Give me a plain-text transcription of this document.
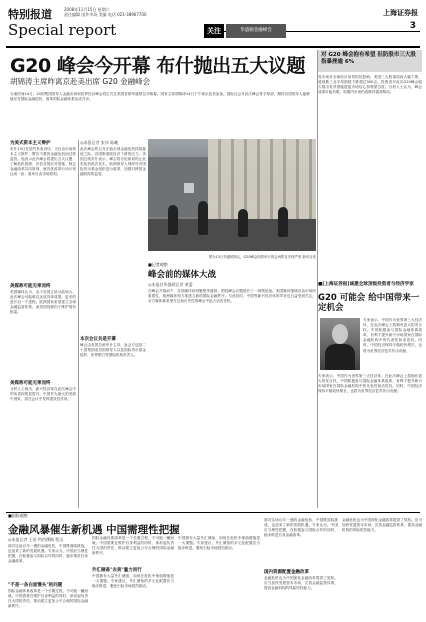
特别报道	2008年11月15日 星期六
责任编辑 国外市场 美编 电话 021-38967700
Special report	关注	华盛顿金融峰会
上海证券报
3
G20 峰会今开幕 布什抛出五大议题
胡锦涛主席昨离京赴美出席 G20 金融峰会
当地时间14日，20国集团领导人金融市场和世界经济峰会将正式在美国首都华盛顿拉开帷幕。国家主席胡锦涛14日下午离京赴美参加。国际社会对此次峰会寄予厚望，期待各国领导人能够就应对国际金融危机、改革国际金融体系达成共识。
为美式资本主义辩护
布什13日在纽约发表讲话，为自由市场资本主义辩护，警告不要因金融危机而过度监管。他表示此次峰会将提出五大议题：了解危机根源、评估各国应对措施、制定金融改革共同原则、就具体改革行动计划达成一致、重申自由市场原则。
美媒称可能无果而终
美国媒体认为，由于各国立场分歧较大，此次峰会可能难以达成具体成果，更多的是开启一个进程。欧洲国家希望建立全球金融监管体系，而美国则倾向于维护现有框架。
美媒称可能无果而终
分析人士指出，新兴经济体在此次峰会中的话语权明显提升。中国作为最大的发展中国家，将在会议中发挥建设性作用。
◎本报记者 张伟 陈曦
此次峰会的召开正值全球金融危机持续蔓延之际，各国都面临经济下滑的压力。美国总统布什表示，峰会将讨论如何防止此类危机再次发生。欧洲领导人则呼吁对国际货币基金组织进行改革，加强对跨国金融机构的监管。
本次会议共是开幕
峰会由美国总统布什主持，参会方包括二十国集团成员国领导人以及国际货币基金组织、世界银行等国际机构负责人。
图为13日华盛顿街头，G20峰会即将举行的会场附近安保严密 新华社发
■记者观察
峰会前的媒体大战
◎本报驻华盛顿记者 黄蕾
在峰会开幕前夕，各国媒体纷纷聚集华盛顿，围绕峰会议题展开了一场舆论战。美国媒体强调自由市场的重要性，欧洲媒体则力推建立新的国际金融秩序。与此同时，中国等新兴经济体的声音也日益受到关注，各方媒体都希望在这场历史性的峰会中抢占话语先机。
对 G20 峰会抱有希望 但防股市三大股指暴挫逾 6%
受市场对全球经济前景担忧影响，美国三大股指周四大幅下挫，道琼斯工业平均指数下跌超过300点。投资者对此次G20峰会能否推出有效措施提振市场信心持观望态度。分析人士认为，峰会成果可能有限，短期内市场仍将维持震荡格局。
■[上海证券报]诚邀全球顶级投资者与经济学家
G20 可能会 给中国带来一定机会
专家表示，中国作为世界第三大经济体，在此次峰会上将拥有更大的发言权。中国积极参与国际金融体系改革，有利于提升新兴市场国家在国际金融机构中的代表性和话语权。同时，中国经济保持平稳较快增长，也将为世界经济复苏作出贡献。
专家表示，中国作为世界第三大经济体，在此次峰会上将拥有更大的发言权。中国积极参与国际金融体系改革，有利于提升新兴市场国家在国际金融机构中的代表性和话语权。同时，中国经济保持平稳较快增长，也将为世界经济复苏作出贡献。
■国际观察
金融风暴催生新机遇 中国需理性把握
◎本报记者 王星 特约撰稿 程远
面对这场百年一遇的金融危机，中国既面临挑战，也迎来了新的发展机遇。专家认为，中国应当理性把握，在积极参与国际合作的同时，稳步推进自身金融改革。
"不是一条白面馒头"的问题
国际金融体系改革是一个长期过程，不可能一蹴而就。中国需要在维护自身利益的同时，承担起负责任大国的责任，推动建立更加公平合理的国际金融新秩序。
国际金融体系改革是一个长期过程，不可能一蹴而就。中国需要在维护自身利益的同时，承担起负责任大国的责任，推动建立更加公平合理的国际金融新秩序。
外汇储备"去美"量力而行
中国拥有大量外汇储备，如何在危机中保值增值是一大课题。专家建议，外汇储备的多元化配置应当稳步推进，避免引起市场剧烈波动。
中国拥有大量外汇储备，如何在危机中保值增值是一大课题。专家建议，外汇储备的多元化配置应当稳步推进，避免引起市场剧烈波动。
面对这场百年一遇的金融危机，中国既面临挑战，也迎来了新的发展机遇。专家认为，中国应当理性把握，在积极参与国际合作的同时，稳步推进自身金融改革。
国内资源配置金融改革
金融危机也为中国深化金融改革提供了契机。应当加快发展资本市场，完善金融监管体系，提高金融机构的风险防控能力。
金融危机也为中国深化金融改革提供了契机。应当加快发展资本市场，完善金融监管体系，提高金融机构的风险防控能力。
